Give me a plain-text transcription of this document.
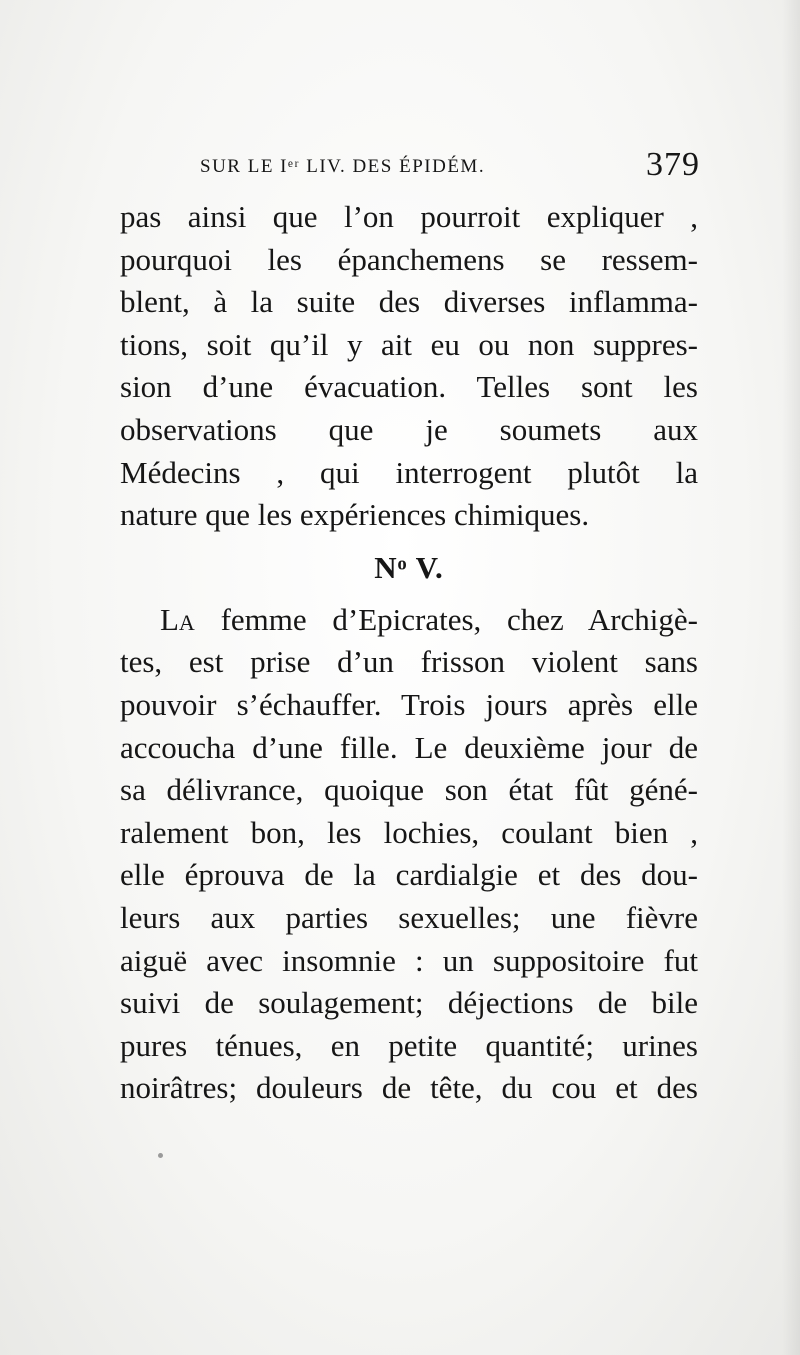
SUR LE Iᵉʳ LIV. DES ÉPIDÉM.	379
pas ainsi que l’on pourroit expliquer ,
pourquoi les épanchemens se ressem-
blent, à la suite des diverses inflamma-
tions, soit qu’il y ait eu ou non suppres-
sion d’une évacuation. Telles sont les
observations que je soumets aux
Médecins , qui interrogent plutôt la
nature que les expériences chimiques.
Nᵒ V.
La femme d’Epicrates, chez Archigè-
tes, est prise d’un frisson violent sans
pouvoir s’échauffer. Trois jours après elle
accoucha d’une fille. Le deuxième jour de
sa délivrance, quoique son état fût géné-
ralement bon, les lochies, coulant bien ,
elle éprouva de la cardialgie et des dou-
leurs aux parties sexuelles; une fièvre
aiguë avec insomnie : un suppositoire fut
suivi de soulagement; déjections de bile
pures ténues, en petite quantité; urines
noirâtres; douleurs de tête, du cou et des
